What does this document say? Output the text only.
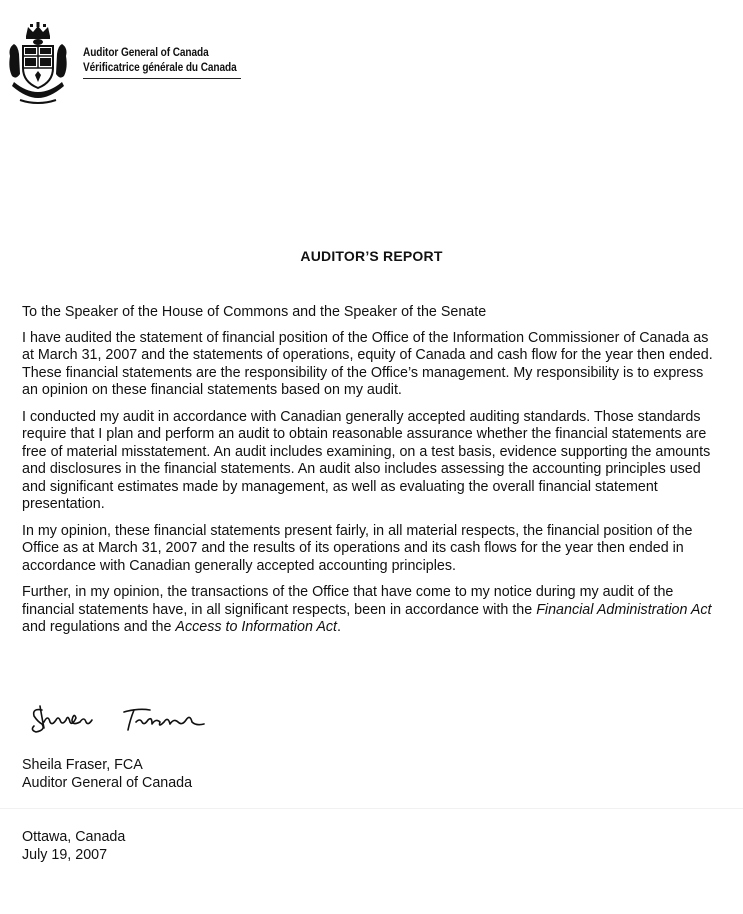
Auditor General of Canada
Vérificatrice générale du Canada
AUDITOR’S REPORT

To the Speaker of the House of Commons and the Speaker of the Senate

I have audited the statement of financial position of the Office of the Information Commissioner of Canada as at March 31, 2007 and the statements of operations, equity of Canada and cash flow for the year then ended. These financial statements are the responsibility of the Office’s management. My responsibility is to express an opinion on these financial statements based on my audit.

I conducted my audit in accordance with Canadian generally accepted auditing standards. Those standards require that I plan and perform an audit to obtain reasonable assurance whether the financial statements are free of material misstatement. An audit includes examining, on a test basis, evidence supporting the amounts and disclosures in the financial statements. An audit also includes assessing the accounting principles used and significant estimates made by management, as well as evaluating the overall financial statement presentation.

In my opinion, these financial statements present fairly, in all material respects, the financial position of the Office as at March 31, 2007 and the results of its operations and its cash flows for the year then ended in accordance with Canadian generally accepted accounting principles.

Further, in my opinion, the transactions of the Office that have come to my notice during my audit of the financial statements have, in all significant respects, been in accordance with the Financial Administration Act and regulations and the Access to Information Act.

Sheila Fraser, FCA
Auditor General of Canada
Ottawa, Canada
July 19, 2007
